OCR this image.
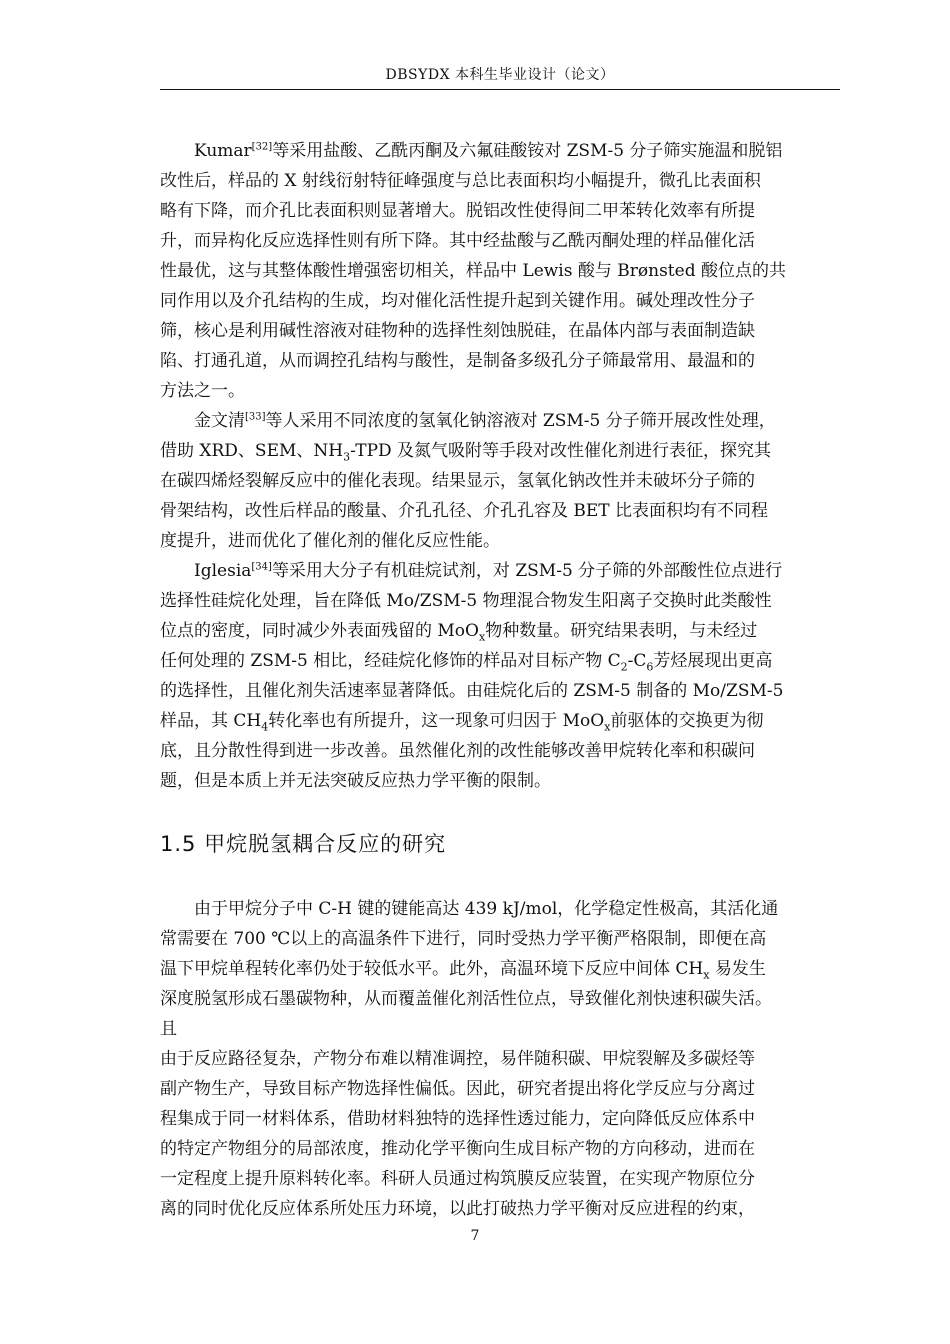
DBSYDX 本科生毕业设计（论文）
Kumar[32]等采用盐酸、乙酰丙酮及六氟硅酸铵对 ZSM-5 分子筛实施温和脱铝
改性后，样品的 X 射线衍射特征峰强度与总比表面积均小幅提升，微孔比表面积
略有下降，而介孔比表面积则显著增大。脱铝改性使得间二甲苯转化效率有所提
升，而异构化反应选择性则有所下降。其中经盐酸与乙酰丙酮处理的样品催化活
性最优，这与其整体酸性增强密切相关，样品中 Lewis 酸与 Brønsted 酸位点的共
同作用以及介孔结构的生成，均对催化活性提升起到关键作用。碱处理改性分子
筛，核心是利用碱性溶液对硅物种的选择性刻蚀脱硅，在晶体内部与表面制造缺
陷、打通孔道，从而调控孔结构与酸性，是制备多级孔分子筛最常用、最温和的
方法之一。
金文清[33]等人采用不同浓度的氢氧化钠溶液对 ZSM-5 分子筛开展改性处理，
借助 XRD、SEM、$NH_3$-TPD 及氮气吸附等手段对改性催化剂进行表征，探究其
在碳四烯烃裂解反应中的催化表现。结果显示，氢氧化钠改性并未破坏分子筛的
骨架结构，改性后样品的酸量、介孔孔径、介孔孔容及 BET 比表面积均有不同程
度提升，进而优化了催化剂的催化反应性能。
Iglesia[34]等采用大分子有机硅烷试剂，对 ZSM-5 分子筛的外部酸性位点进行
选择性硅烷化处理，旨在降低 Mo/ZSM-5 物理混合物发生阳离子交换时此类酸性
位点的密度，同时减少外表面残留的 MoO$_x$物种数量。研究结果表明，与未经过
任何处理的 ZSM-5 相比，经硅烷化修饰的样品对目标产物 $C_2-C_6$芳烃展现出更高
的选择性，且催化剂失活速率显著降低。由硅烷化后的 ZSM-5 制备的 Mo/ZSM-5
样品，其 $CH_4$转化率也有所提升，这一现象可归因于 MoO$_x$前驱体的交换更为彻
底，且分散性得到进一步改善。虽然催化剂的改性能够改善甲烷转化率和积碳问
题，但是本质上并无法突破反应热力学平衡的限制。
1.5 甲烷脱氢耦合反应的研究
由于甲烷分子中 C-H 键的键能高达 439 kJ/mol，化学稳定性极高，其活化通
常需要在 700 ℃以上的高温条件下进行，同时受热力学平衡严格限制，即便在高
温下甲烷单程转化率仍处于较低水平。此外，高温环境下反应中间体 $CH_x$ 易发生
深度脱氢形成石墨碳物种，从而覆盖催化剂活性位点，导致催化剂快速积碳失活。
且
由于反应路径复杂，产物分布难以精准调控，易伴随积碳、甲烷裂解及多碳烃等
副产物生产，导致目标产物选择性偏低。因此，研究者提出将化学反应与分离过
程集成于同一材料体系，借助材料独特的选择性透过能力，定向降低反应体系中
的特定产物组分的局部浓度，推动化学平衡向生成目标产物的方向移动，进而在
一定程度上提升原料转化率。科研人员通过构筑膜反应装置，在实现产物原位分
离的同时优化反应体系所处压力环境，以此打破热力学平衡对反应进程的约束，
7
